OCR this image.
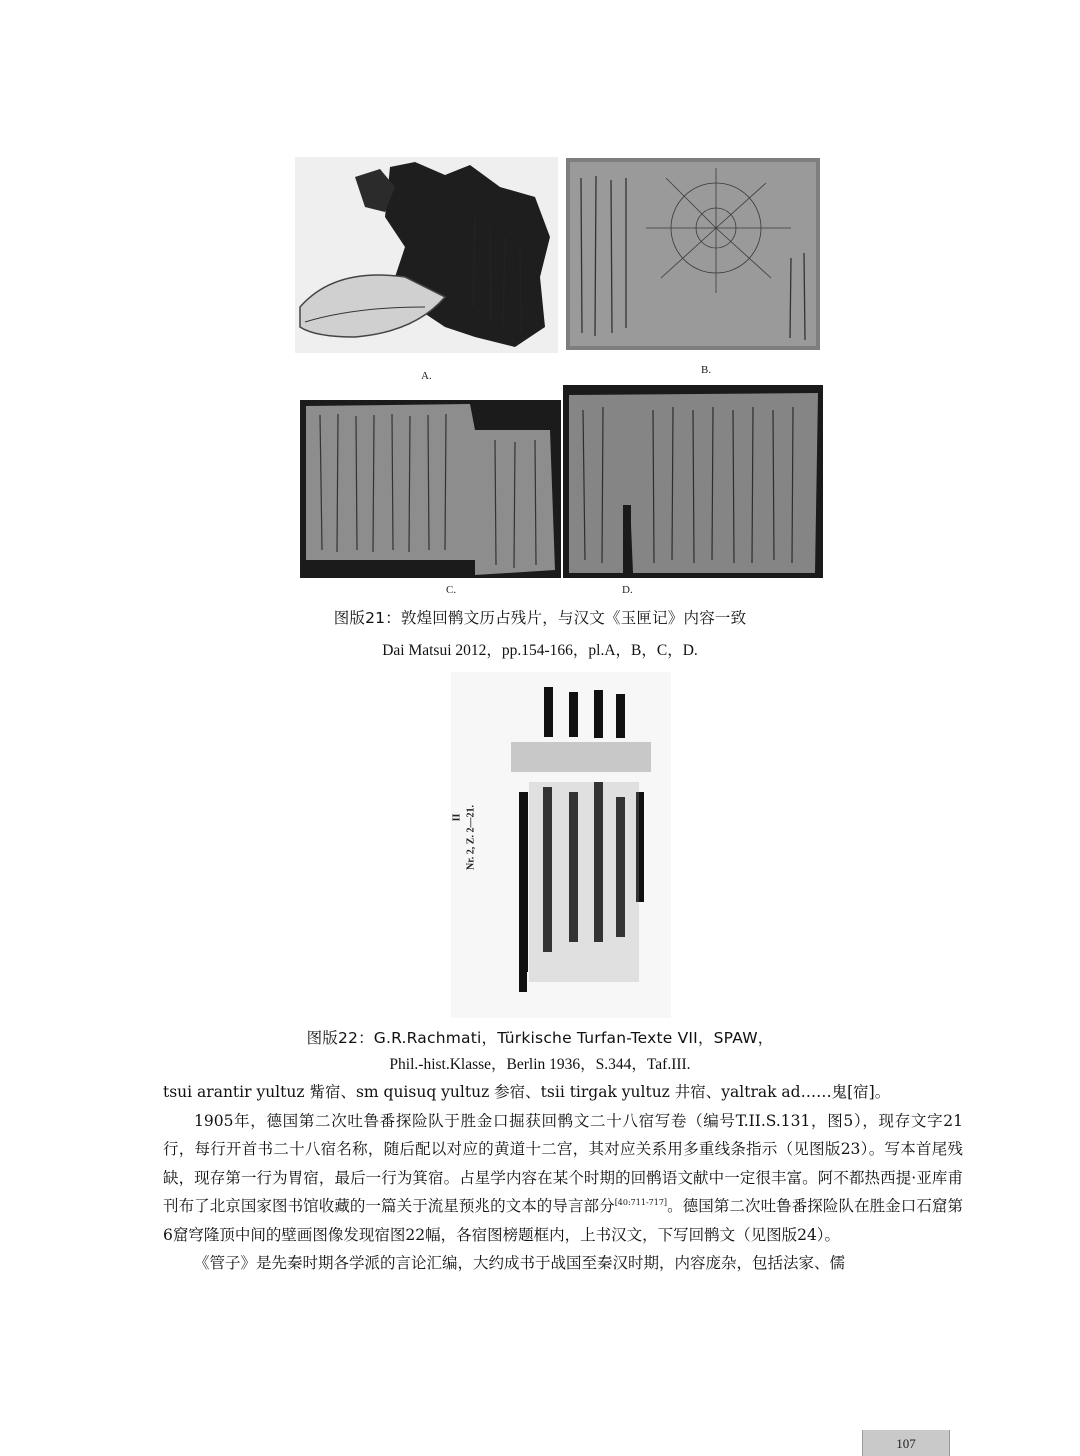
A.	B.
C.	D.
图版21：敦煌回鹘文历占残片，与汉文《玉匣记》内容一致
Dai Matsui 2012，pp.154-166，pl.A，B，C，D.
II Nr. 2, Z. 2—21.
图版22：G.R.Rachmati，Türkische Turfan-Texte VII，SPAW，
Phil.-hist.Klasse，Berlin 1936，S.344，Taf.III.

tsui arantir yultuz 觜宿、sm quisuq yultuz 参宿、tsii tirgak yultuz 井宿、yaltrak ad……鬼[宿]。

1905年，德国第二次吐鲁番探险队于胜金口掘获回鹘文二十八宿写卷（编号T.II.S.131，图5），现存文字21行，每行开首书二十八宿名称，随后配以对应的黄道十二宫，其对应关系用多重线条指示（见图版23）。写本首尾残缺，现存第一行为胃宿，最后一行为箕宿。占星学内容在某个时期的回鹘语文献中一定很丰富。阿不都热西提·亚库甫刊布了北京国家图书馆收藏的一篇关于流星预兆的文本的导言部分[40:711-717]。德国第二次吐鲁番探险队在胜金口石窟第6窟穹隆顶中间的壁画图像发现宿图22幅，各宿图榜题框内，上书汉文，下写回鹘文（见图版24）。

《管子》是先秦时期各学派的言论汇编，大约成书于战国至秦汉时期，内容庞杂，包括法家、儒

107
